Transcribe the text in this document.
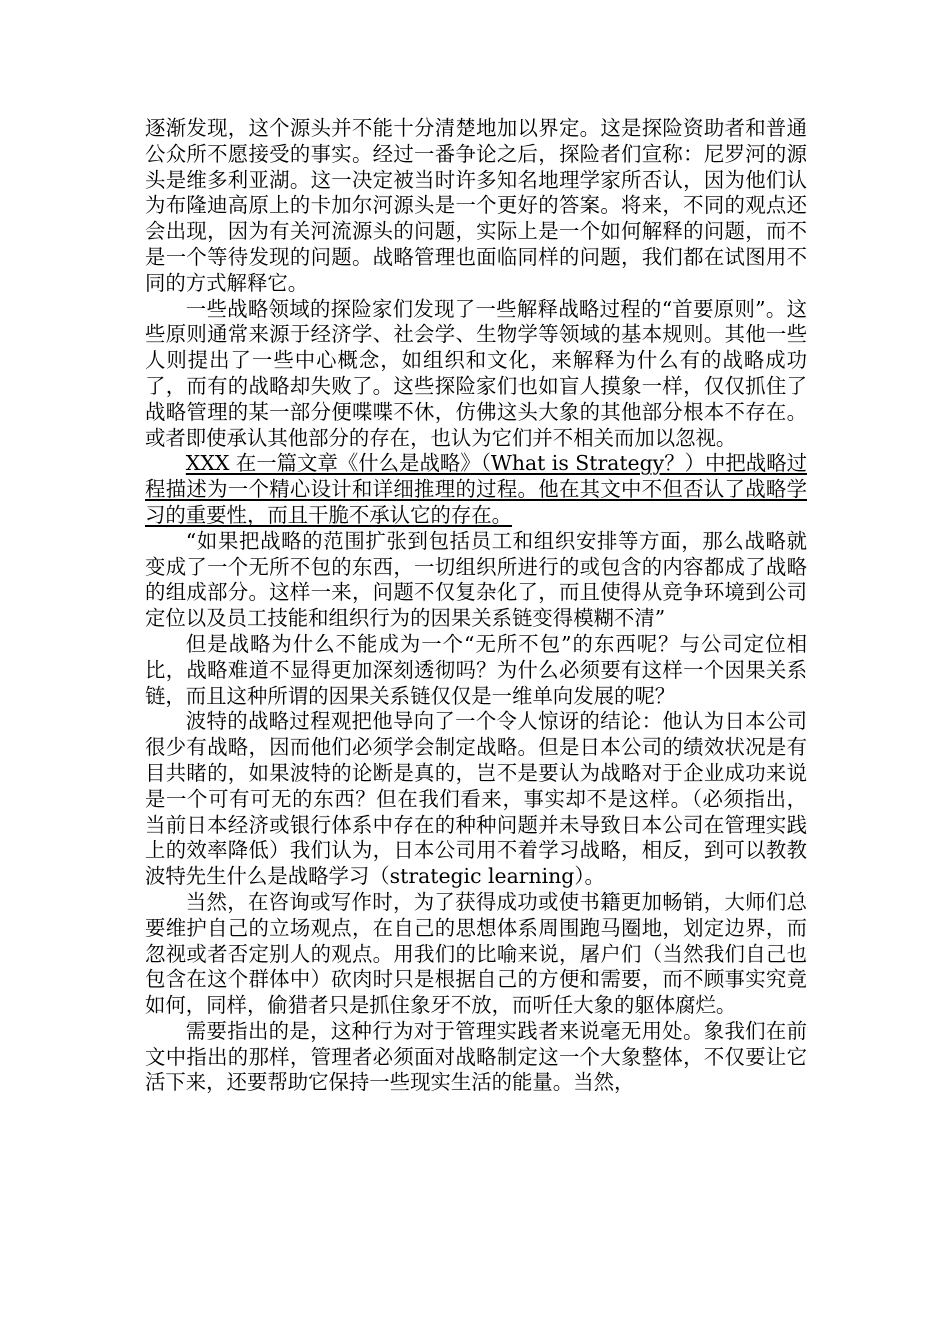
逐渐发现，这个源头并不能十分清楚地加以界定。这是探险资助者和普通公众所不愿接受的事实。经过一番争论之后，探险者们宣称：尼罗河的源头是维多利亚湖。这一决定被当时许多知名地理学家所否认，因为他们认为布隆迪高原上的卡加尔河源头是一个更好的答案。将来，不同的观点还会出现，因为有关河流源头的问题，实际上是一个如何解释的问题，而不是一个等待发现的问题。战略管理也面临同样的问题，我们都在试图用不同的方式解释它。

一些战略领域的探险家们发现了一些解释战略过程的“首要原则”。这些原则通常来源于经济学、社会学、生物学等领域的基本规则。其他一些人则提出了一些中心概念，如组织和文化，来解释为什么有的战略成功了，而有的战略却失败了。这些探险家们也如盲人摸象一样，仅仅抓住了战略管理的某一部分便喋喋不休，仿佛这头大象的其他部分根本不存在。或者即使承认其他部分的存在，也认为它们并不相关而加以忽视。

XXX 在一篇文章《什么是战略》（What is Strategy？）中把战略过程描述为一个精心设计和详细推理的过程。他在其文中不但否认了战略学习的重要性，而且干脆不承认它的存在。

“如果把战略的范围扩张到包括员工和组织安排等方面，那么战略就变成了一个无所不包的东西，一切组织所进行的或包含的内容都成了战略的组成部分。这样一来，问题不仅复杂化了，而且使得从竞争环境到公司定位以及员工技能和组织行为的因果关系链变得模糊不清”

但是战略为什么不能成为一个“无所不包”的东西呢？与公司定位相比，战略难道不显得更加深刻透彻吗？为什么必须要有这样一个因果关系链，而且这种所谓的因果关系链仅仅是一维单向发展的呢？

波特的战略过程观把他导向了一个令人惊讶的结论：他认为日本公司很少有战略，因而他们必须学会制定战略。但是日本公司的绩效状况是有目共睹的，如果波特的论断是真的，岂不是要认为战略对于企业成功来说是一个可有可无的东西？但在我们看来，事实却不是这样。（必须指出，当前日本经济或银行体系中存在的种种问题并未导致日本公司在管理实践上的效率降低）我们认为，日本公司用不着学习战略，相反，到可以教教波特先生什么是战略学习（strategic learning）。

当然，在咨询或写作时，为了获得成功或使书籍更加畅销，大师们总要维护自己的立场观点，在自己的思想体系周围跑马圈地，划定边界，而忽视或者否定别人的观点。用我们的比喻来说，屠户们（当然我们自己也包含在这个群体中）砍肉时只是根据自己的方便和需要，而不顾事实究竟如何，同样，偷猎者只是抓住象牙不放，而听任大象的躯体腐烂。

需要指出的是，这种行为对于管理实践者来说毫无用处。象我们在前文中指出的那样，管理者必须面对战略制定这一个大象整体，不仅要让它活下来，还要帮助它保持一些现实生活的能量。当然，
